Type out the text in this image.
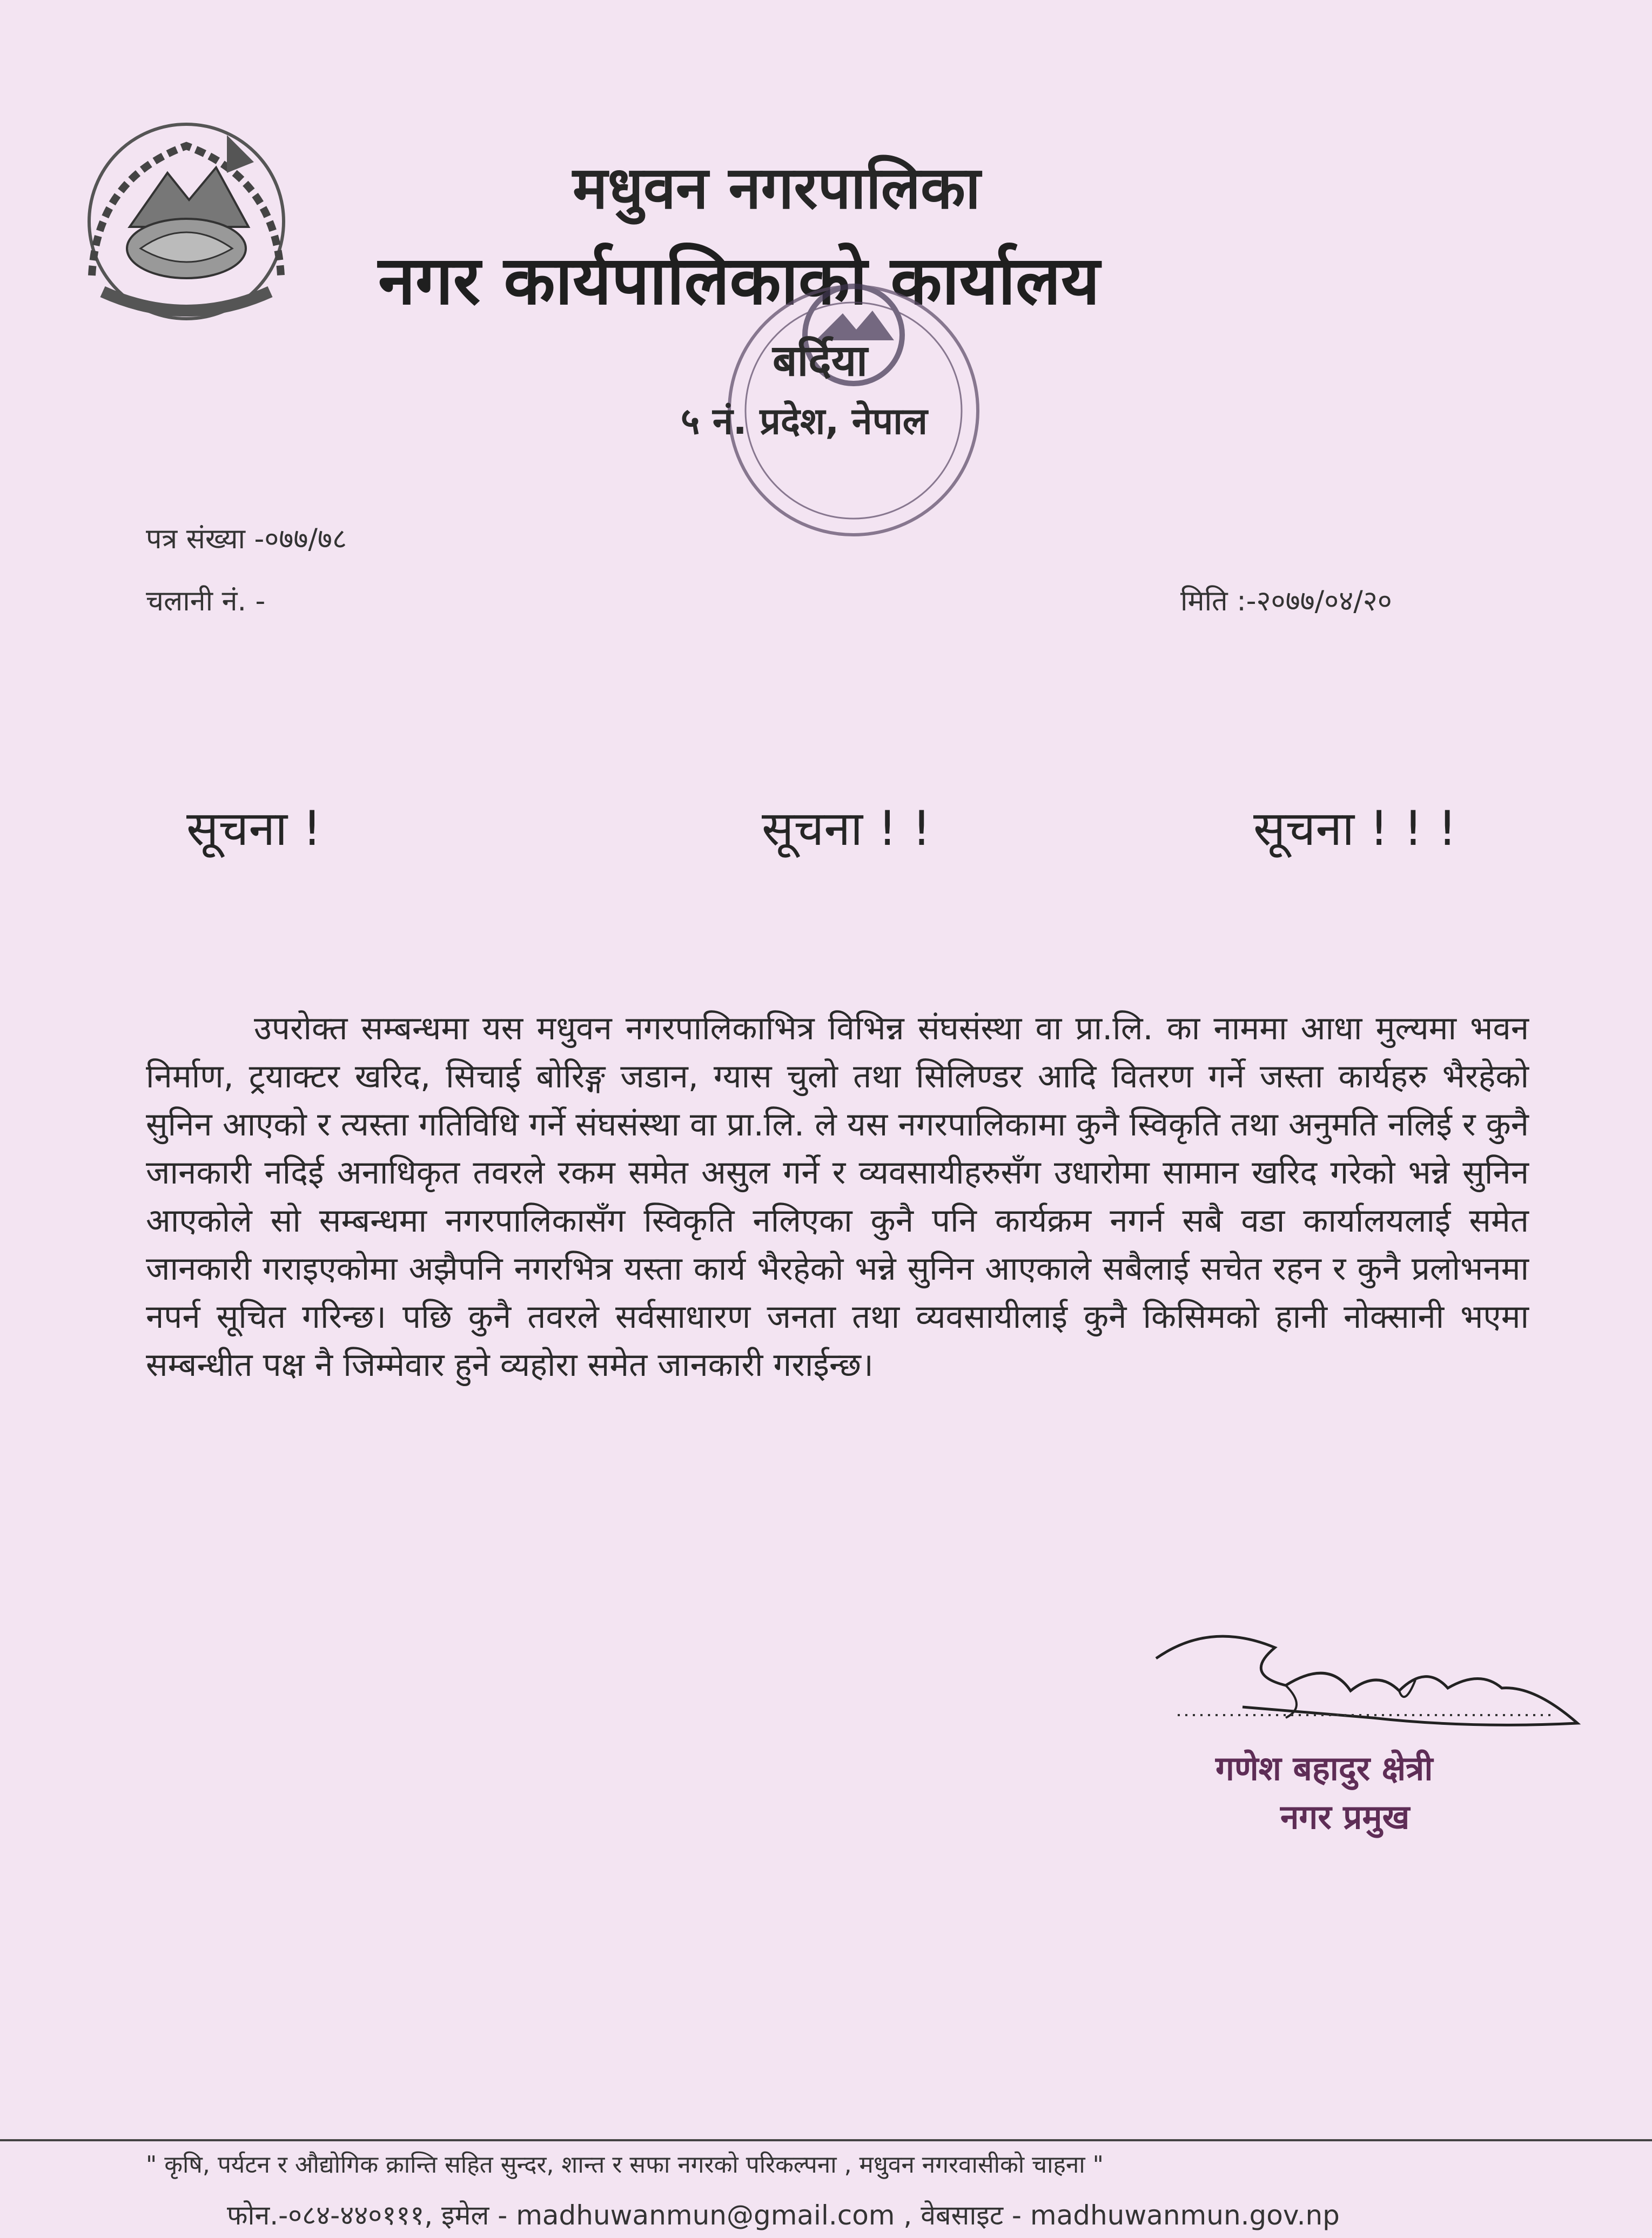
मधुवन नगरपालिका
नगर कार्यपालिकाको कार्यालय
बर्दिया
५ नं. प्रदेश, नेपाल
पत्र संख्या -०७७/७८
चलानी नं. -	मिति :-२०७७/०४/२०
सूचना !	सूचना ! !	सूचना ! ! !
उपरोक्त सम्बन्धमा यस मधुवन नगरपालिकाभित्र विभिन्न संघसंस्था वा प्रा.लि. का नाममा आधा मुल्यमा भवन निर्माण, ट्रयाक्टर खरिद, सिचाई बोरिङ्ग जडान, ग्यास चुलो तथा सिलिण्डर आदि वितरण गर्ने जस्ता कार्यहरु भैरहेको सुनिन आएको र त्यस्ता गतिविधि गर्ने संघसंस्था वा प्रा.लि. ले यस नगरपालिकामा कुनै स्विकृति तथा अनुमति नलिई र कुनै जानकारी नदिई अनाधिकृत तवरले रकम समेत असुल गर्ने र व्यवसायीहरुसँग उधारोमा सामान खरिद गरेको भन्ने सुनिन आएकोले सो सम्बन्धमा नगरपालिकासँग स्विकृति नलिएका कुनै पनि कार्यक्रम नगर्न सबै वडा कार्यालयलाई समेत जानकारी गराइएकोमा अझैपनि नगरभित्र यस्ता कार्य भैरहेको भन्ने सुनिन आएकाले सबैलाई सचेत रहन र कुनै प्रलोभनमा नपर्न सूचित गरिन्छ। पछि कुनै तवरले सर्वसाधारण जनता तथा व्यवसायीलाई कुनै किसिमको हानी नोक्सानी भएमा सम्बन्धीत पक्ष नै जिम्मेवार हुने व्यहोरा समेत जानकारी गराईन्छ।
गणेश बहादुर क्षेत्री
नगर प्रमुख
" कृषि, पर्यटन र औद्योगिक क्रान्ति सहित सुन्दर, शान्त र सफा नगरको परिकल्पना , मधुवन नगरवासीको चाहना "
फोन.-०८४-४४०१११, इमेल - madhuwanmun@gmail.com , वेबसाइट - madhuwanmun.gov.np
